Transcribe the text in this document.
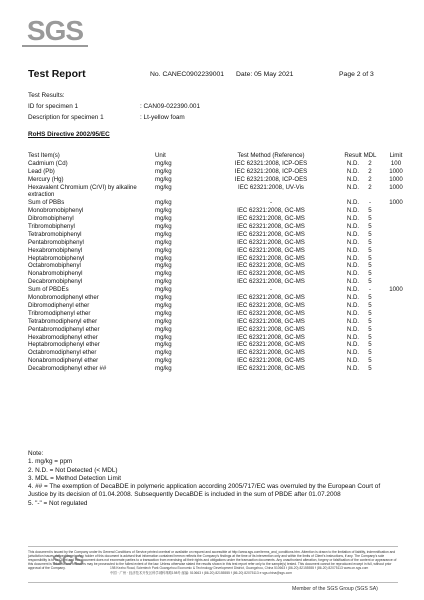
SGS
Test Report	No. CANEC0902239001 Date: 05 May 2021	Page 2 of 3
Test Results:
ID for specimen 1	: CAN09-022390.001
Description for specimen 1	: Lt-yellow foam
RoHS Directive 2002/95/EC
Test Item(s)	Unit	Test Method (Reference)	Result MDL Limit
Cadmium (Cd)	mg/kg	IEC 62321:2008, ICP-OES	N.D. 2	100
Lead (Pb)	mg/kg	IEC 62321:2008, ICP-OES	N.D. 2	1000
Mercury (Hg)	mg/kg	IEC 62321:2008, ICP-OES	N.D. 2	1000
Hexavalent Chromium (CrVI) by alkaline extraction
mg/kg	IEC 62321:2008, UV-Vis	N.D. 2	1000
Sum of PBBs	mg/kg	-	N.D. -	1000
Monobromobiphenyl	mg/kg	IEC 62321:2008, GC-MS	N.D. 5
Dibromobiphenyl	mg/kg	IEC 62321:2008, GC-MS	N.D. 5
Tribromobiphenyl	mg/kg	IEC 62321:2008, GC-MS	N.D. 5
Tetrabromobiphenyl	mg/kg	IEC 62321:2008, GC-MS	N.D. 5
Pentabromobiphenyl	mg/kg	IEC 62321:2008, GC-MS	N.D. 5
Hexabromobiphenyl	mg/kg	IEC 62321:2008, GC-MS	N.D. 5
Heptabromobiphenyl	mg/kg	IEC 62321:2008, GC-MS	N.D. 5
Octabromobiphenyl	mg/kg	IEC 62321:2008, GC-MS	N.D. 5
Nonabromobiphenyl	mg/kg	IEC 62321:2008, GC-MS	N.D. 5
Decabromobiphenyl	mg/kg	IEC 62321:2008, GC-MS	N.D. 5
Sum of PBDEs	mg/kg	-	N.D. -	1000
Monobromodiphenyl ether	mg/kg	IEC 62321:2008, GC-MS	N.D. 5
Dibromodiphenyl ether	mg/kg	IEC 62321:2008, GC-MS	N.D. 5
Tribromodiphenyl ether	mg/kg	IEC 62321:2008, GC-MS	N.D. 5
Tetrabromodiphenyl ether	mg/kg	IEC 62321:2008, GC-MS	N.D. 5
Pentabromodiphenyl ether	mg/kg	IEC 62321:2008, GC-MS	N.D. 5
Hexabromodiphenyl ether	mg/kg	IEC 62321:2008, GC-MS	N.D. 5
Heptabromodiphenyl ether	mg/kg	IEC 62321:2008, GC-MS	N.D. 5
Octabromodiphenyl ether	mg/kg	IEC 62321:2008, GC-MS	N.D. 5
Nonabromodiphenyl ether	mg/kg	IEC 62321:2008, GC-MS	N.D. 5
Decabromodiphenyl ether ##	mg/kg	IEC 62321:2008, GC-MS	N.D. 5
Note:
1. mg/kg = ppm
2. N.D. = Not Detected (< MDL)
3. MDL = Method Detection Limit
4. ## = The exemption of DecaBDE in polymeric application according 2005/717/EC was overruled by the European Court of Justice by its decision of 01.04.2008. Subsequently DecaBDE is included in the sum of PBDE after 01.07.2008
5. "-" = Not regulated
This document is issued by the Company under its General Conditions of Service printed overleaf or available on request and accessible at http://www.sgs.com/terms_and_conditions.htm. Attention is drawn to the limitation of liability, indemnification and jurisdiction issues defined therein. Any holder of this document is advised that information contained hereon reflects the Company's findings at the time of its intervention only and within the limits of Client's instructions, if any. The Company's sole responsibility is to its Client and this document does not exonerate parties to a transaction from exercising all their rights and obligations under the transaction documents. Any unauthorized alteration, forgery or falsification of the content or appearance of this document is unlawful and offenders may be prosecuted to the fullest extent of the law. Unless otherwise stated the results shown in this test report refer only to the sample(s) tested. This document cannot be reproduced except in full, without prior approval of the Company.
SGS	198 Kezhu Road, Scientech Park Guangzhou Economic & Technology Development District, Guangzhou, China 510663 t (86-20) 82155555 f (86-20) 82075113 www.cn.sgs.com
中国 · 广州 · 经济技术开发区科学城科珠路198号 邮编: 510663 t (86-20) 82155555 f (86-20) 82075113 e sgs.china@sgs.com
Member of the SGS Group (SGS SA)
